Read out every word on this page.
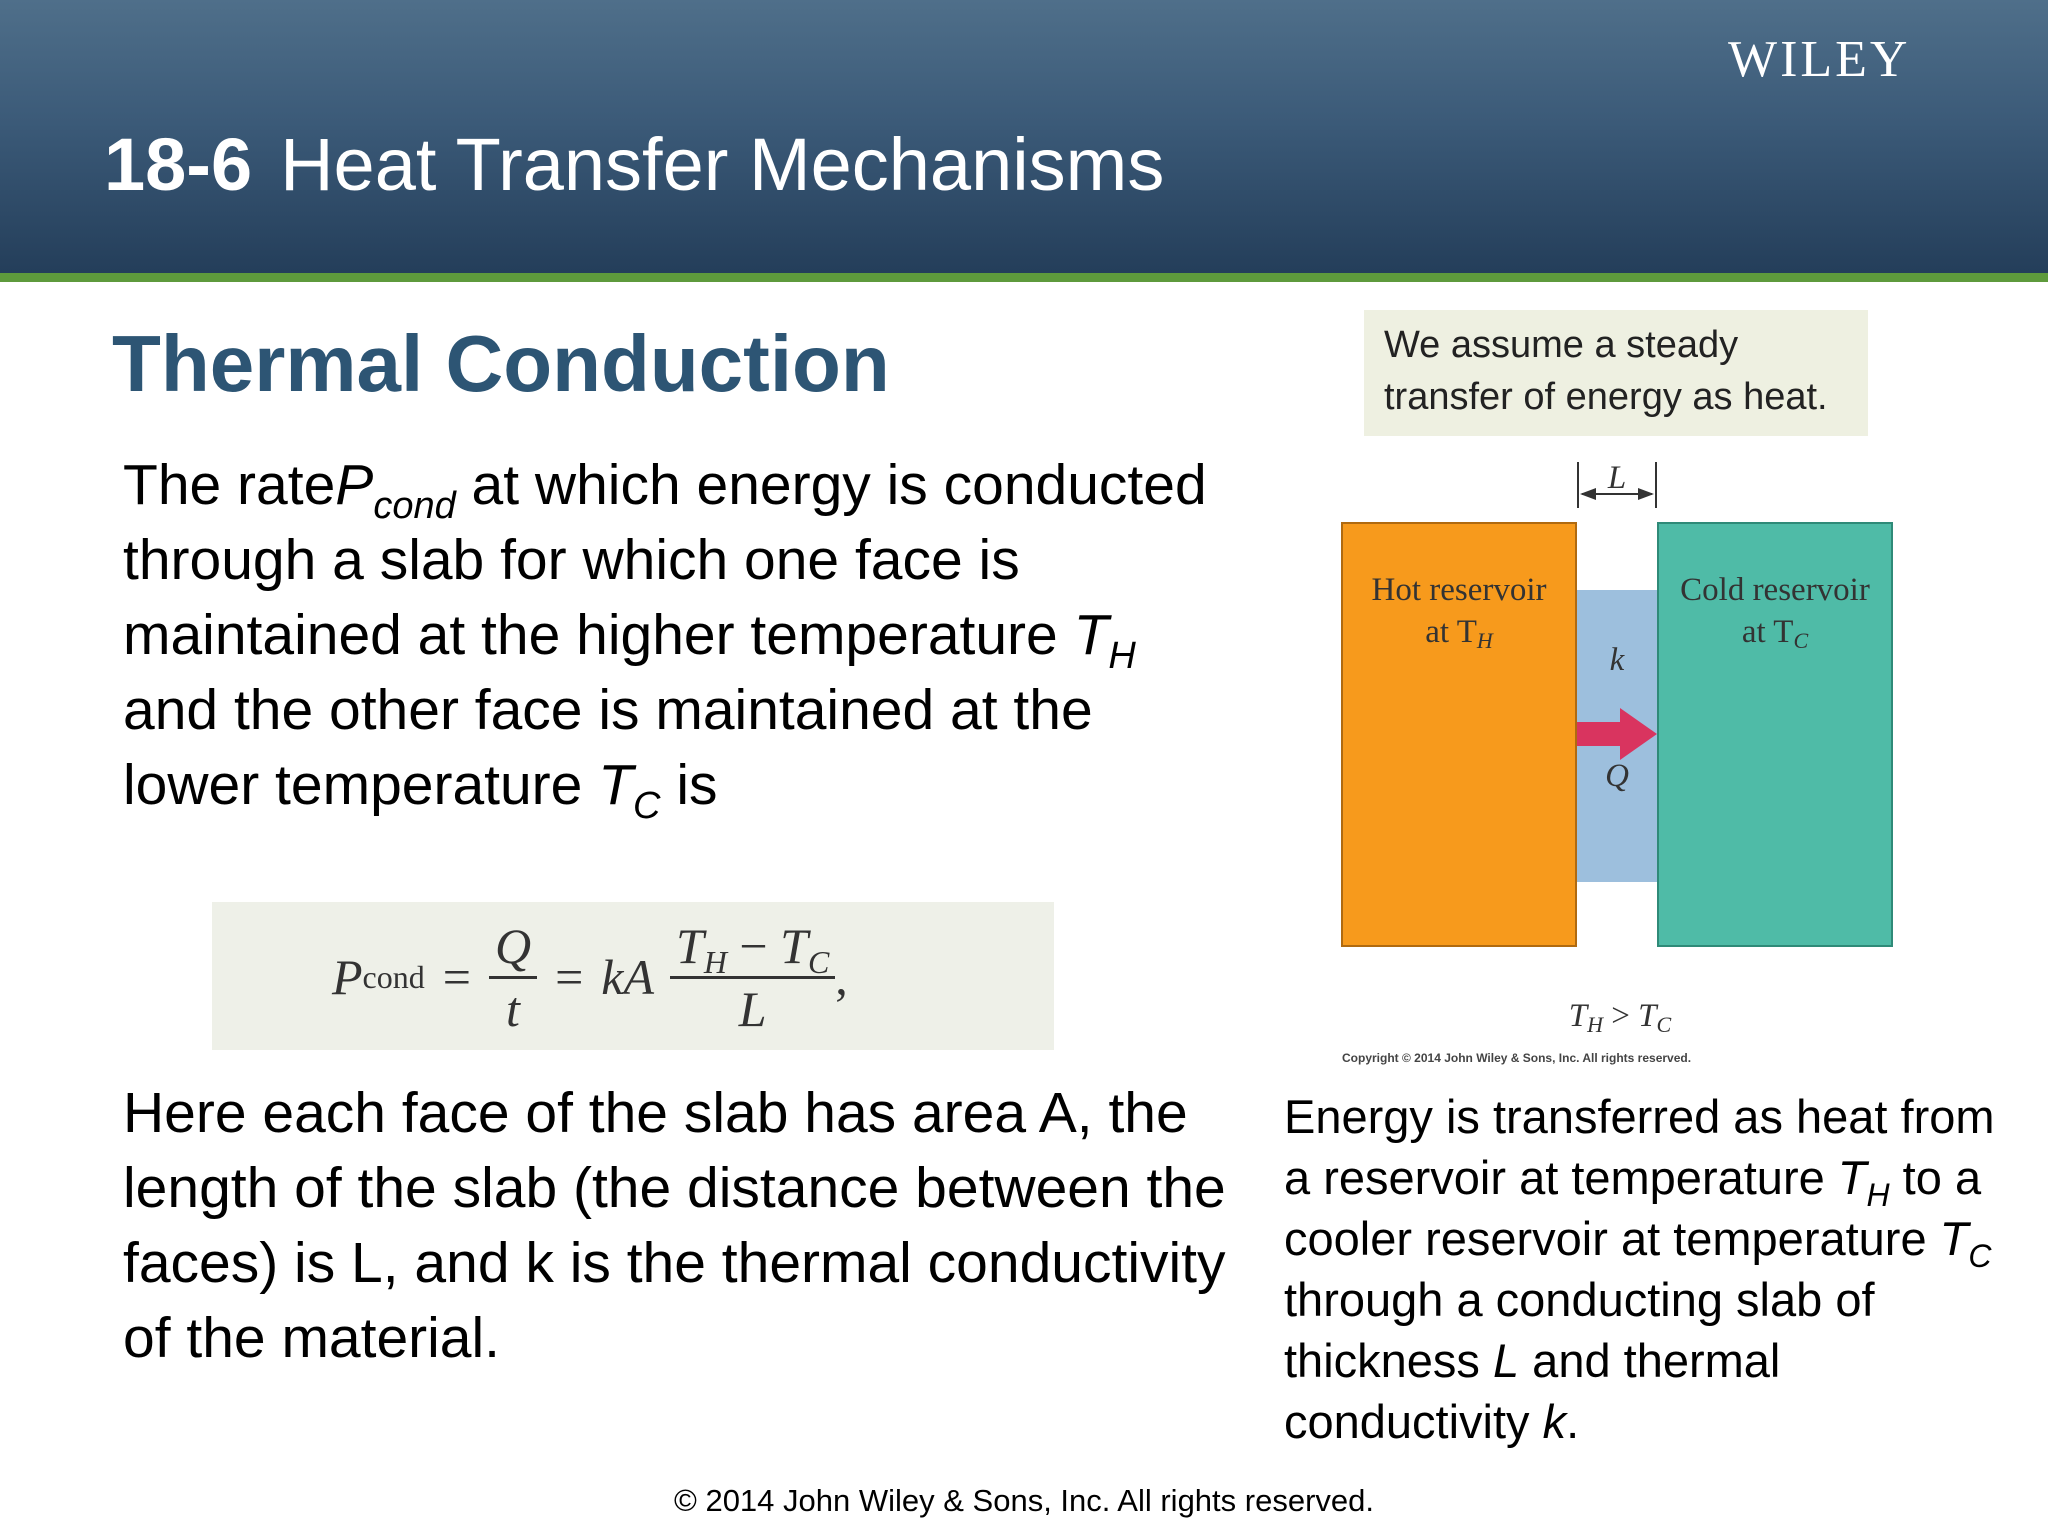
WILEY
18-6 Heat Transfer Mechanisms
Thermal Conduction
The rateP$_{cond}$ at which energy is conducted through a slab for which one face is maintained at the higher temperature $T_H$ and the other face is maintained at the lower temperature $T_C$ is
P cond = $\frac{Q}{t}$ = kA $\frac{T_H - T_C}{L}$ ,
Here each face of the slab has area A, the length of the slab (the distance between the faces) is L, and k is the thermal conductivity of the material.
We assume a steady
transfer of energy as heat.
Hot reservoir
at $T_H$
Cold reservoir
at $T_C$
k
Q
L
$T_H > T_C$
Copyright © 2014 John Wiley & Sons, Inc. All rights reserved.
Energy is transferred as heat from a reservoir at temperature $T_H$ to a cooler reservoir at temperature $T_C$ through a conducting slab of thickness L and thermal conductivity k.
© 2014 John Wiley & Sons, Inc. All rights reserved.
